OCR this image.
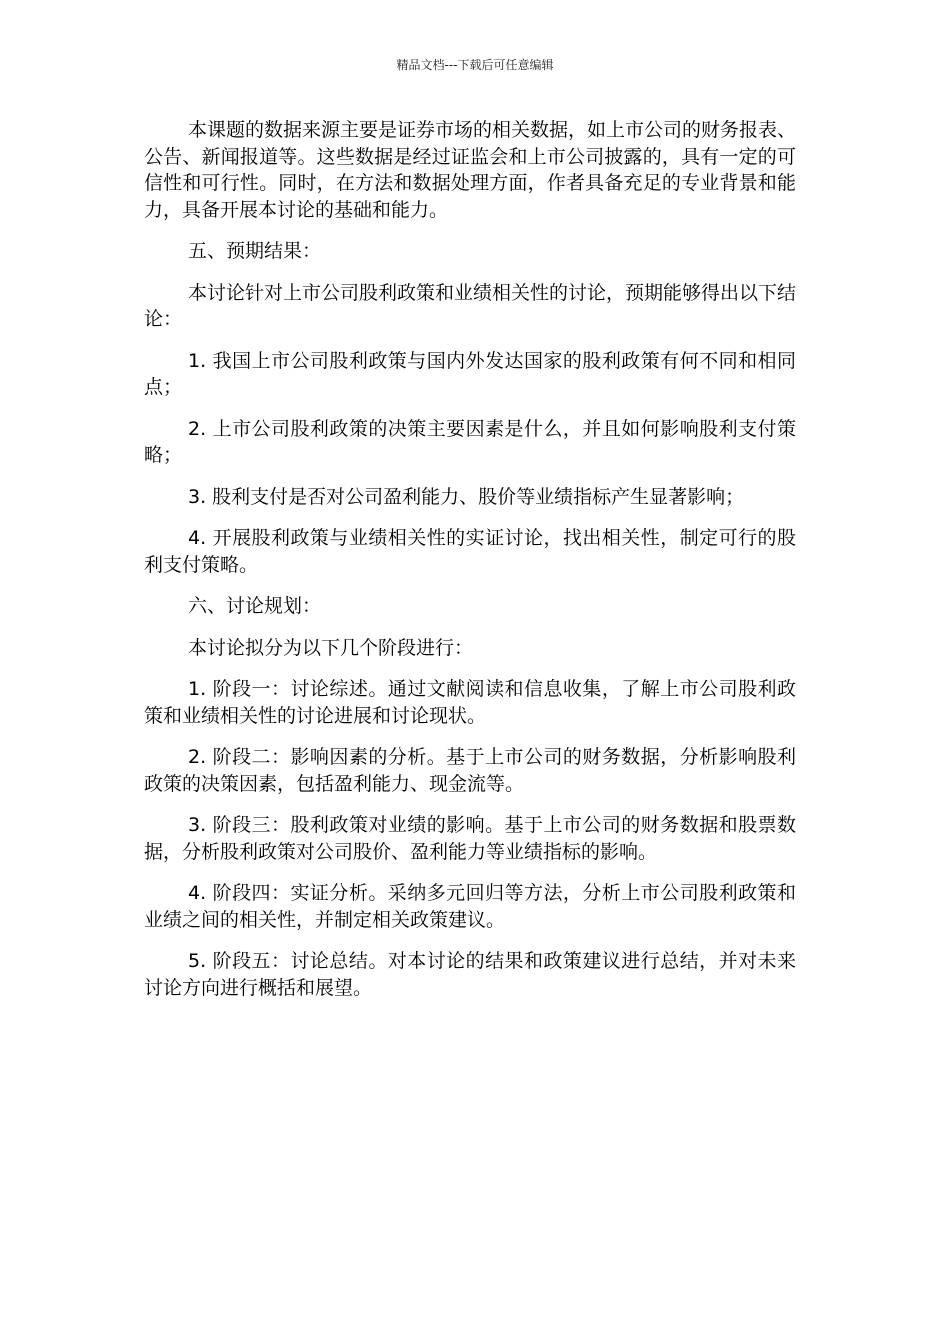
精品文档---下载后可任意编辑

本课题的数据来源主要是证券市场的相关数据，如上市公司的财务报表、公告、新闻报道等。这些数据是经过证监会和上市公司披露的，具有一定的可信性和可行性。同时，在方法和数据处理方面，作者具备充足的专业背景和能力，具备开展本讨论的基础和能力。

五、预期结果：

本讨论针对上市公司股利政策和业绩相关性的讨论，预期能够得出以下结论：

1. 我国上市公司股利政策与国内外发达国家的股利政策有何不同和相同点；

2. 上市公司股利政策的决策主要因素是什么，并且如何影响股利支付策略；

3. 股利支付是否对公司盈利能力、股价等业绩指标产生显著影响；

4. 开展股利政策与业绩相关性的实证讨论，找出相关性，制定可行的股利支付策略。

六、讨论规划：

本讨论拟分为以下几个阶段进行：

1. 阶段一：讨论综述。通过文献阅读和信息收集，了解上市公司股利政策和业绩相关性的讨论进展和讨论现状。

2. 阶段二：影响因素的分析。基于上市公司的财务数据，分析影响股利政策的决策因素，包括盈利能力、现金流等。

3. 阶段三：股利政策对业绩的影响。基于上市公司的财务数据和股票数据，分析股利政策对公司股价、盈利能力等业绩指标的影响。

4. 阶段四：实证分析。采纳多元回归等方法，分析上市公司股利政策和业绩之间的相关性，并制定相关政策建议。

5. 阶段五：讨论总结。对本讨论的结果和政策建议进行总结，并对未来讨论方向进行概括和展望。
